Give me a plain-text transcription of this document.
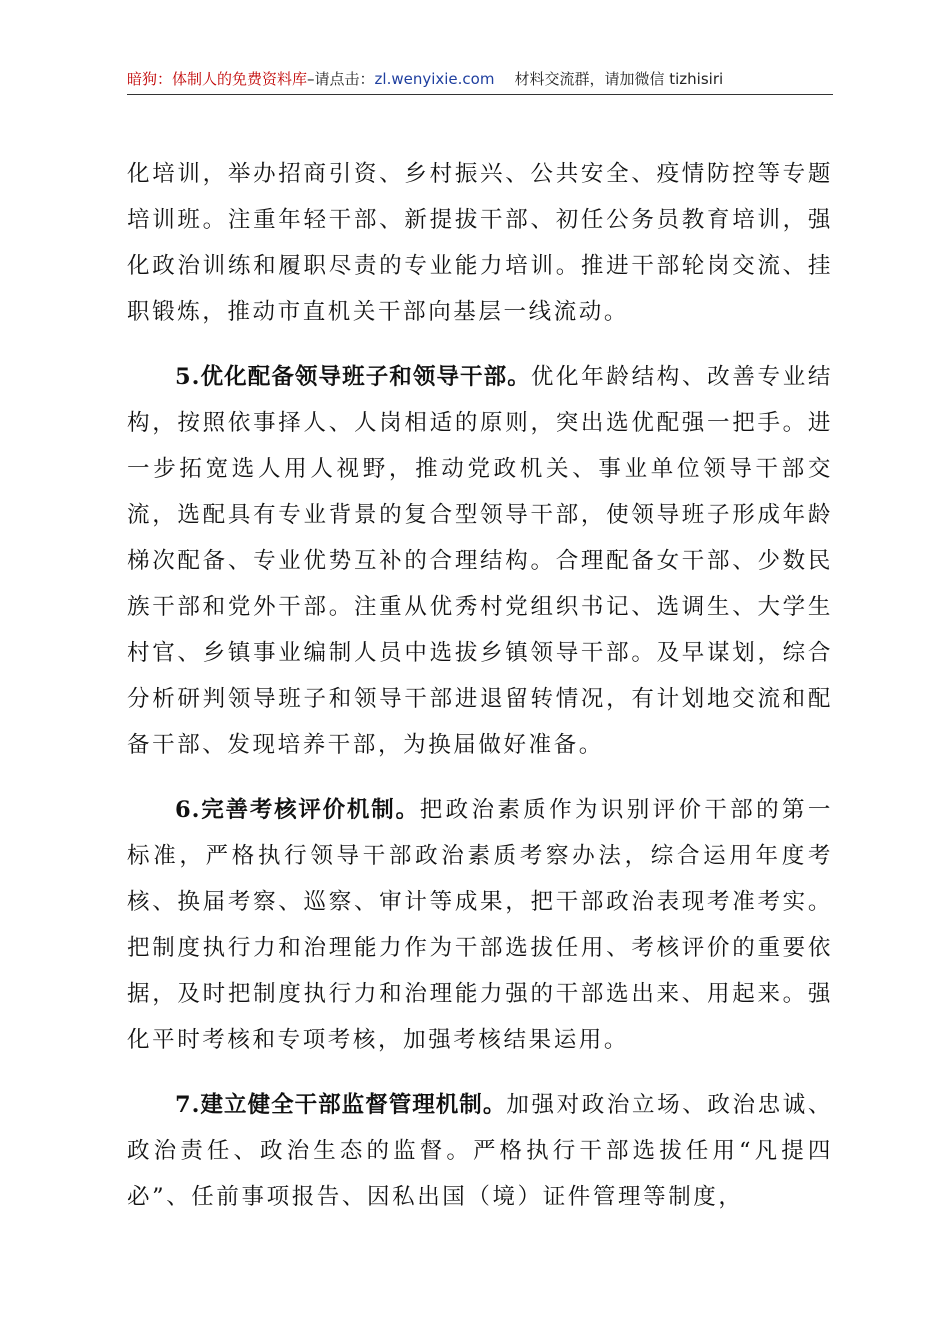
暗狗：体制人的免费资料库–请点击：zl.wenyixie.com 材料交流群，请加微信 tizhisiri

化培训，举办招商引资、乡村振兴、公共安全、疫情防控等专题培训班。注重年轻干部、新提拔干部、初任公务员教育培训，强化政治训练和履职尽责的专业能力培训。推进干部轮岗交流、挂职锻炼，推动市直机关干部向基层一线流动。

5.优化配备领导班子和领导干部。优化年龄结构、改善专业结构，按照依事择人、人岗相适的原则，突出选优配强一把手。进一步拓宽选人用人视野，推动党政机关、事业单位领导干部交流，选配具有专业背景的复合型领导干部，使领导班子形成年龄梯次配备、专业优势互补的合理结构。合理配备女干部、少数民族干部和党外干部。注重从优秀村党组织书记、选调生、大学生村官、乡镇事业编制人员中选拔乡镇领导干部。及早谋划，综合分析研判领导班子和领导干部进退留转情况，有计划地交流和配备干部、发现培养干部，为换届做好准备。

6.完善考核评价机制。把政治素质作为识别评价干部的第一标准，严格执行领导干部政治素质考察办法，综合运用年度考核、换届考察、巡察、审计等成果，把干部政治表现考准考实。把制度执行力和治理能力作为干部选拔任用、考核评价的重要依据，及时把制度执行力和治理能力强的干部选出来、用起来。强化平时考核和专项考核，加强考核结果运用。

7.建立健全干部监督管理机制。加强对政治立场、政治忠诚、政治责任、政治生态的监督。严格执行干部选拔任用“凡提四必”、任前事项报告、因私出国（境）证件管理等制度，
